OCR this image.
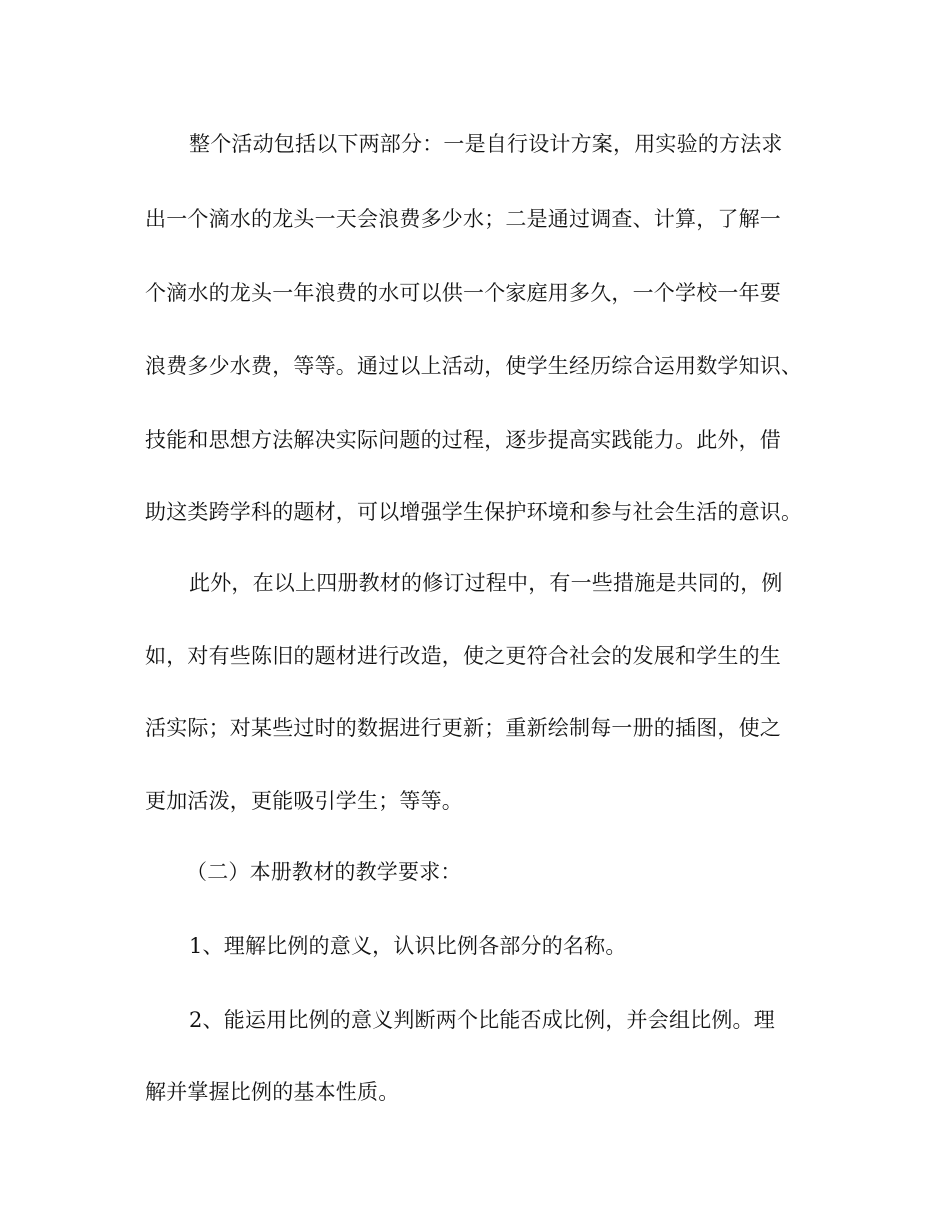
整个活动包括以下两部分：一是自行设计方案，用实验的方法求
出一个滴水的龙头一天会浪费多少水；二是通过调查、计算，了解一
个滴水的龙头一年浪费的水可以供一个家庭用多久，一个学校一年要
浪费多少水费，等等。通过以上活动，使学生经历综合运用数学知识、
技能和思想方法解决实际问题的过程，逐步提高实践能力。此外，借
助这类跨学科的题材，可以增强学生保护环境和参与社会生活的意识。
此外，在以上四册教材的修订过程中，有一些措施是共同的，例
如，对有些陈旧的题材进行改造，使之更符合社会的发展和学生的生
活实际；对某些过时的数据进行更新；重新绘制每一册的插图，使之
更加活泼，更能吸引学生；等等。
（二）本册教材的教学要求：
1、理解比例的意义，认识比例各部分的名称。
2、能运用比例的意义判断两个比能否成比例，并会组比例。理
解并掌握比例的基本性质。
